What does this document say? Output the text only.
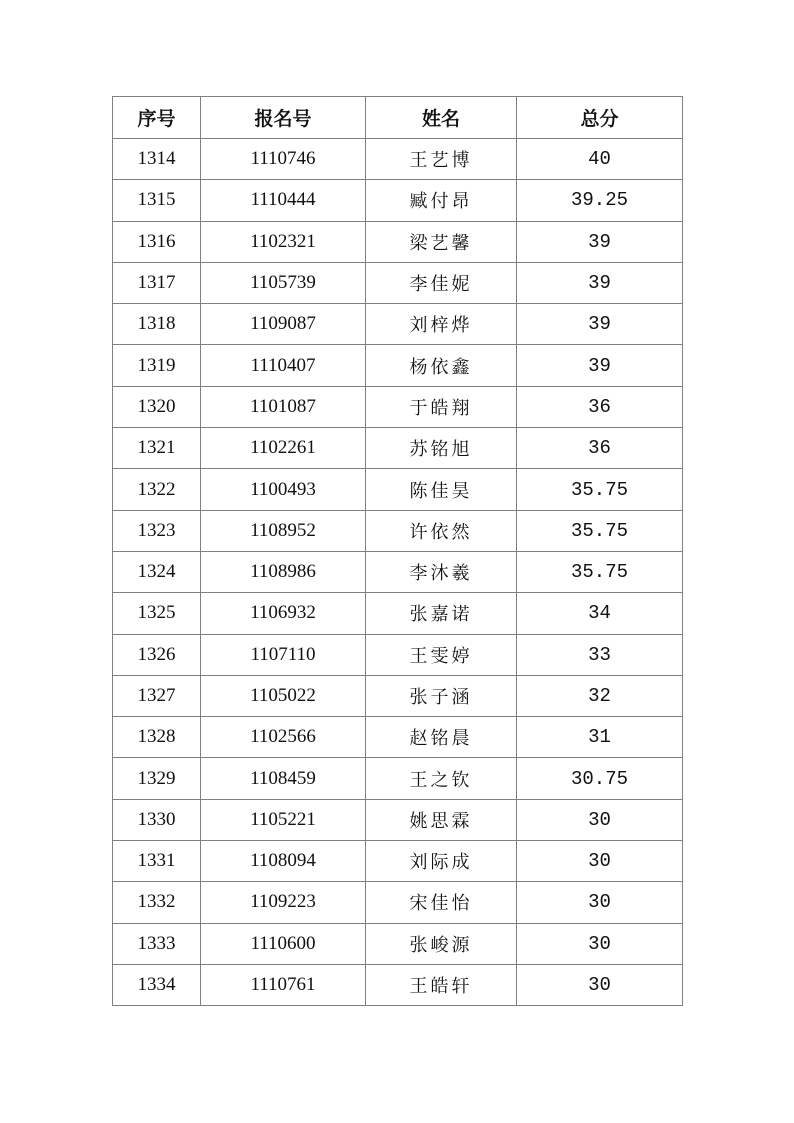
序号	报名号	姓名	总分
1314	1110746	王艺博	40
1315	1110444	臧付昂	39.25
1316	1102321	梁艺馨	39
1317	1105739	李佳妮	39
1318	1109087	刘梓烨	39
1319	1110407	杨依鑫	39
1320	1101087	于皓翔	36
1321	1102261	苏铭旭	36
1322	1100493	陈佳昊	35.75
1323	1108952	许依然	35.75
1324	1108986	李沐羲	35.75
1325	1106932	张嘉诺	34
1326	1107110	王雯婷	33
1327	1105022	张子涵	32
1328	1102566	赵铭晨	31
1329	1108459	王之钦	30.75
1330	1105221	姚思霖	30
1331	1108094	刘际成	30
1332	1109223	宋佳怡	30
1333	1110600	张峻源	30
1334	1110761	王皓轩	30
